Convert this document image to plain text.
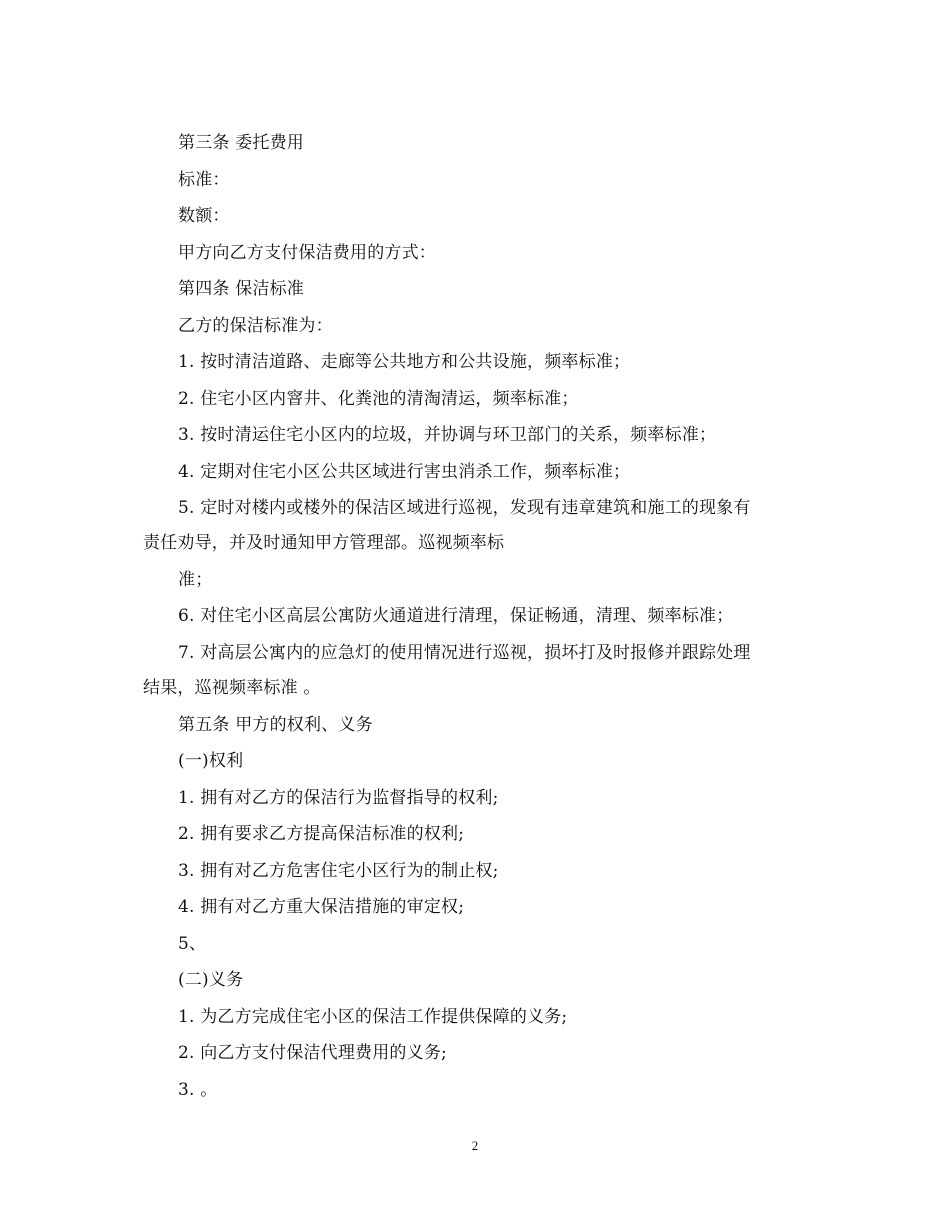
第三条 委托费用
标准：
数额：
甲方向乙方支付保洁费用的方式：
第四条 保洁标准
乙方的保洁标准为：
1. 按时清洁道路、走廊等公共地方和公共设施，频率标准；
2. 住宅小区内窨井、化粪池的清淘清运，频率标准；
3. 按时清运住宅小区内的垃圾，并协调与环卫部门的关系，频率标准；
4. 定期对住宅小区公共区域进行害虫消杀工作，频率标准；
5. 定时对楼内或楼外的保洁区域进行巡视，发现有违章建筑和施工的现象有
责任劝导，并及时通知甲方管理部。巡视频率标
准；
6. 对住宅小区高层公寓防火通道进行清理，保证畅通，清理、频率标准；
7. 对高层公寓内的应急灯的使用情况进行巡视，损坏打及时报修并跟踪处理
结果，巡视频率标准 。
第五条 甲方的权利、义务
(一)权利
1. 拥有对乙方的保洁行为监督指导的权利;
2. 拥有要求乙方提高保洁标准的权利;
3. 拥有对乙方危害住宅小区行为的制止权;
4. 拥有对乙方重大保洁措施的审定权;
5、
(二)义务
1. 为乙方完成住宅小区的保洁工作提供保障的义务;
2. 向乙方支付保洁代理费用的义务;
3. 。
2
